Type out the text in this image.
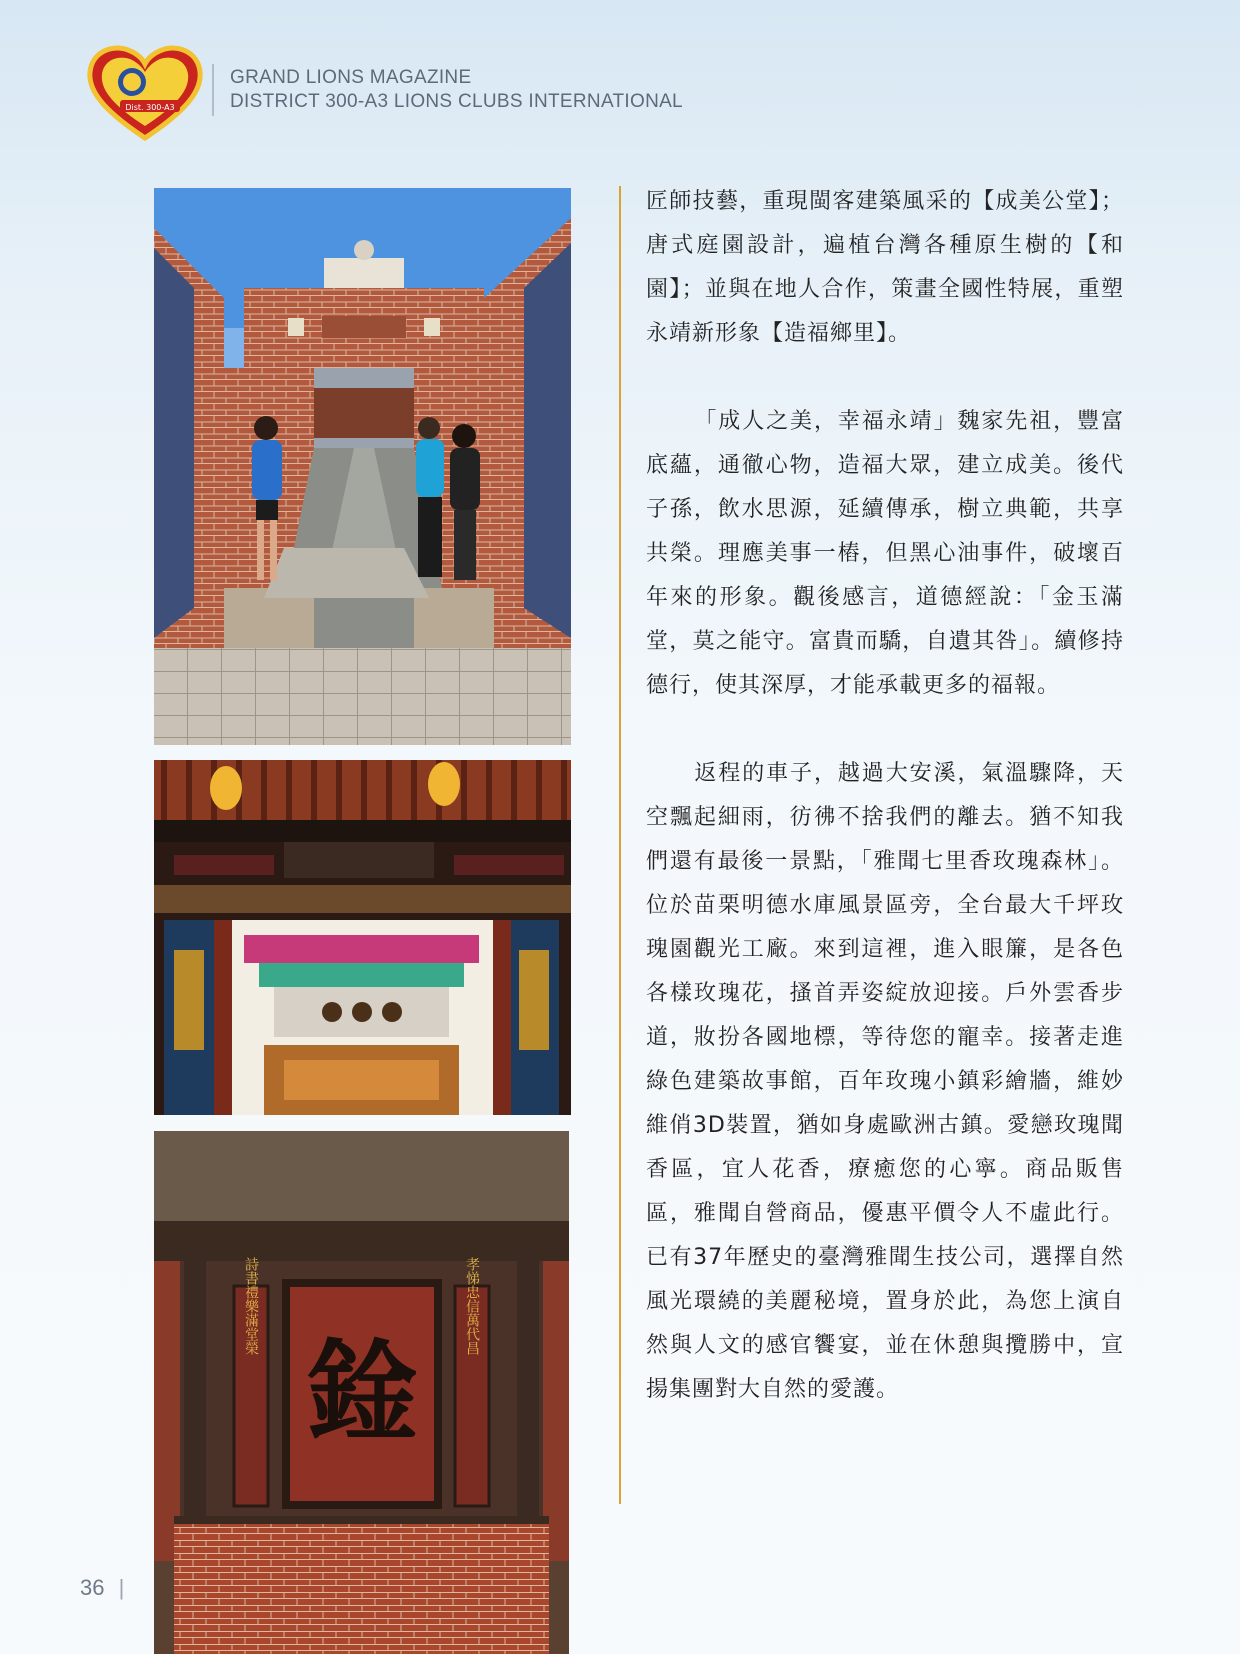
Dist. 300-A3
GRAND LIONS MAGAZINE
DISTRICT 300-A3 LIONS CLUBS INTERNATIONAL
詩書禮樂滿堂榮	孝悌忠信萬代昌
鍂

匠師技藝，重現閩客建築風采的【成美公堂】；唐式庭園設計，遍植台灣各種原生樹的【和園】；並與在地人合作，策畫全國性特展，重塑永靖新形象【造福鄉里】。

「成人之美，幸福永靖」魏家先祖，豐富底蘊，通徹心物，造福大眾，建立成美。後代子孫，飲水思源，延續傳承，樹立典範，共享共榮。理應美事一樁，但黑心油事件，破壞百年來的形象。觀後感言，道德經說：「金玉滿堂，莫之能守。富貴而驕，自遺其咎」。續修持德行，使其深厚，才能承載更多的福報。

返程的車子，越過大安溪，氣溫驟降，天空飄起細雨，彷彿不捨我們的離去。猶不知我們還有最後一景點，「雅聞七里香玫瑰森林」。位於苗栗明德水庫風景區旁，全台最大千坪玫瑰園觀光工廠。來到這裡，進入眼簾，是各色各樣玫瑰花，搔首弄姿綻放迎接。戶外雲香步道，妝扮各國地標，等待您的寵幸。接著走進綠色建築故事館，百年玫瑰小鎮彩繪牆，維妙維俏3D裝置，猶如身處歐洲古鎮。愛戀玫瑰聞香區，宜人花香，療癒您的心寧。商品販售區，雅聞自營商品，優惠平價令人不虛此行。已有37年歷史的臺灣雅聞生技公司，選擇自然風光環繞的美麗秘境，置身於此，為您上演自然與人文的感官饗宴，並在休憩與攬勝中，宣揚集團對大自然的愛護。

36 |
